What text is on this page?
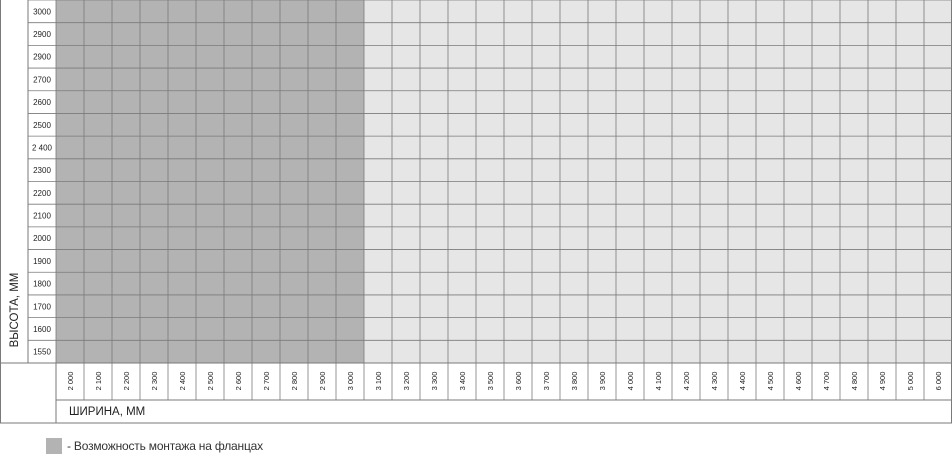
3000
2900
2900
2700
2600
2500
2 400
2300
2200
2100
2000
1900
1800
1700
1600
1550
2 000	2 100	2 200	2 300	2 400	2 500	2 600	2 700	2 800	2 900	3 000	3 100	3 200	3 300	3 400	3 500	3 600	3 700	3 800	3 900	4 000	4 100	4 200	4 300	4 400	4 500	4 600	4 700	4 800	4 900	5 000	6 000
ВЫСОТА, ММ
ШИРИНА, ММ
- Возможность монтажа на фланцах
